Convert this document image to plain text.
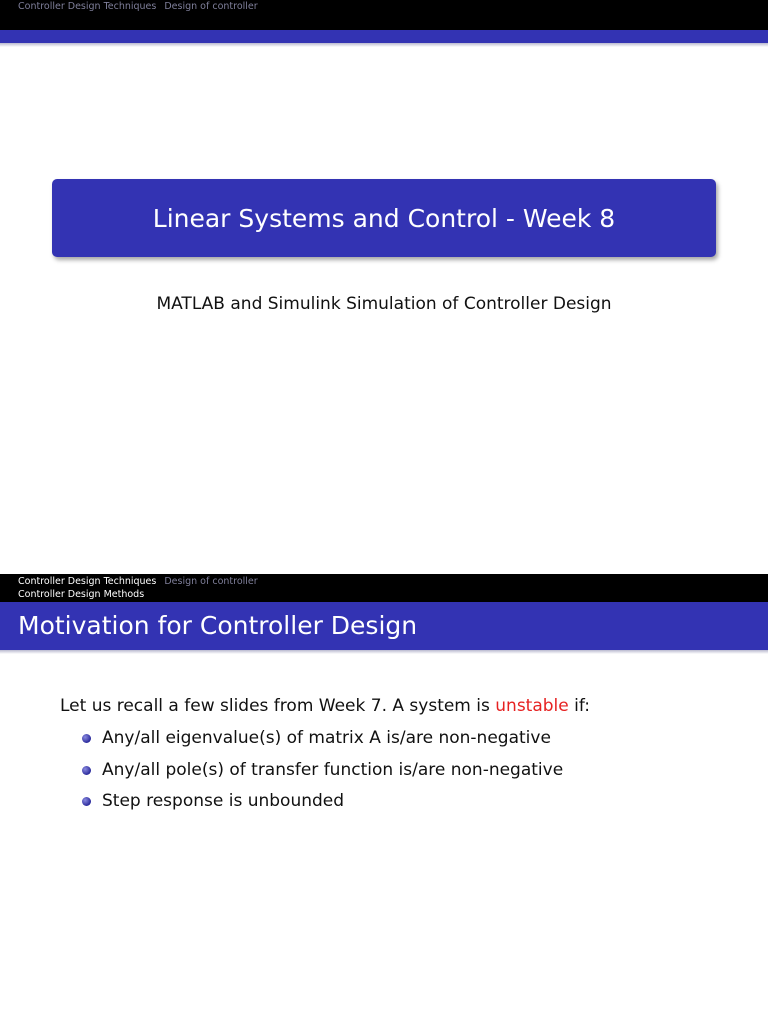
Controller Design Techniques Design of controller
Linear Systems and Control - Week 8
MATLAB and Simulink Simulation of Controller Design
Controller Design Techniques Design of controller
Controller Design Methods
Motivation for Controller Design
Let us recall a few slides from Week 7. A system is unstable if:
Any/all eigenvalue(s) of matrix A is/are non-negative
Any/all pole(s) of transfer function is/are non-negative
Step response is unbounded
